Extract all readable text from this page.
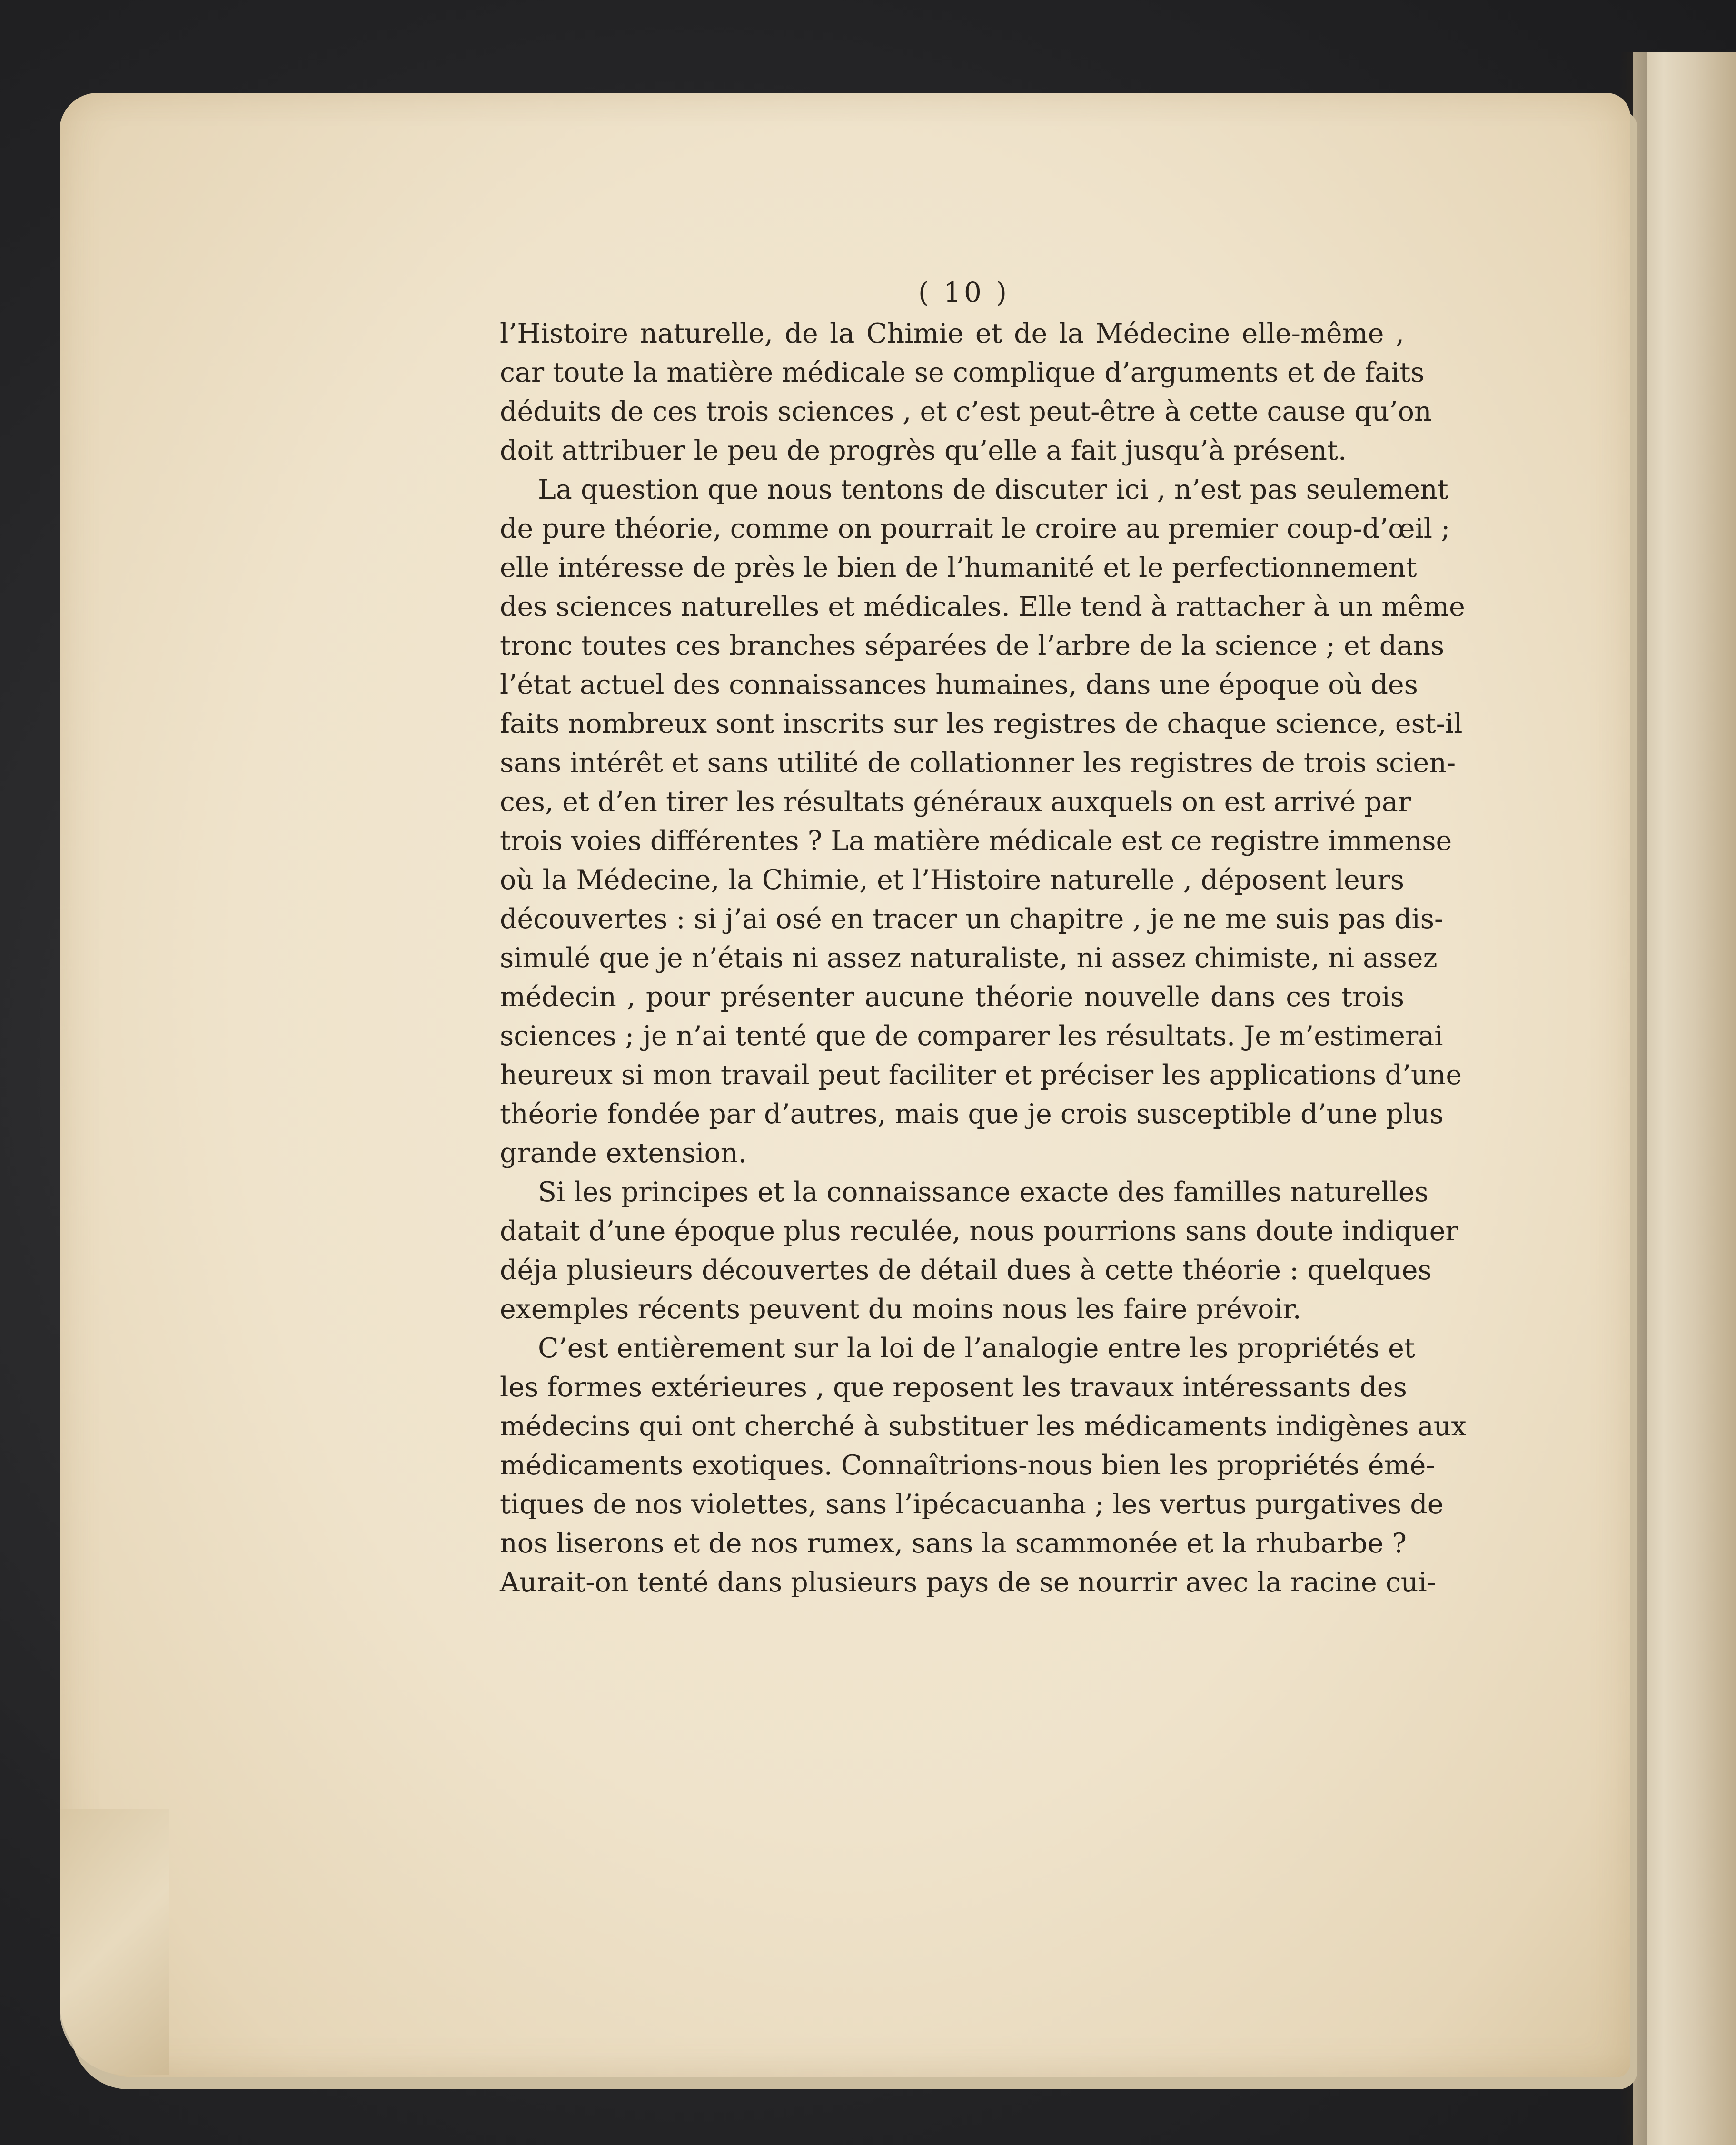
( 10 )
l’Histoire naturelle, de la Chimie et de la Médecine elle-même ,
car toute la matière médicale se complique d’arguments et de faits
déduits de ces trois sciences , et c’est peut-être à cette cause qu’on
doit attribuer le peu de progrès qu’elle a fait jusqu’à présent.
La question que nous tentons de discuter ici , n’est pas seulement
de pure théorie, comme on pourrait le croire au premier coup-d’œil ;
elle intéresse de près le bien de l’humanité et le perfectionnement
des sciences naturelles et médicales. Elle tend à rattacher à un même
tronc toutes ces branches séparées de l’arbre de la science ; et dans
l’état actuel des connaissances humaines, dans une époque où des
faits nombreux sont inscrits sur les registres de chaque science, est-il
sans intérêt et sans utilité de collationner les registres de trois scien-
ces, et d’en tirer les résultats généraux auxquels on est arrivé par
trois voies différentes ? La matière médicale est ce registre immense
où la Médecine, la Chimie, et l’Histoire naturelle , déposent leurs
découvertes : si j’ai osé en tracer un chapitre , je ne me suis pas dis-
simulé que je n’étais ni assez naturaliste, ni assez chimiste, ni assez
médecin , pour présenter aucune théorie nouvelle dans ces trois
sciences ; je n’ai tenté que de comparer les résultats. Je m’estimerai
heureux si mon travail peut faciliter et préciser les applications d’une
théorie fondée par d’autres, mais que je crois susceptible d’une plus
grande extension.
Si les principes et la connaissance exacte des familles naturelles
datait d’une époque plus reculée, nous pourrions sans doute indiquer
déja plusieurs découvertes de détail dues à cette théorie : quelques
exemples récents peuvent du moins nous les faire prévoir.
C’est entièrement sur la loi de l’analogie entre les propriétés et
les formes extérieures , que reposent les travaux intéressants des
médecins qui ont cherché à substituer les médicaments indigènes aux
médicaments exotiques. Connaîtrions-nous bien les propriétés émé-
tiques de nos violettes, sans l’ipécacuanha ; les vertus purgatives de
nos liserons et de nos rumex, sans la scammonée et la rhubarbe ?
Aurait-on tenté dans plusieurs pays de se nourrir avec la racine cui-
